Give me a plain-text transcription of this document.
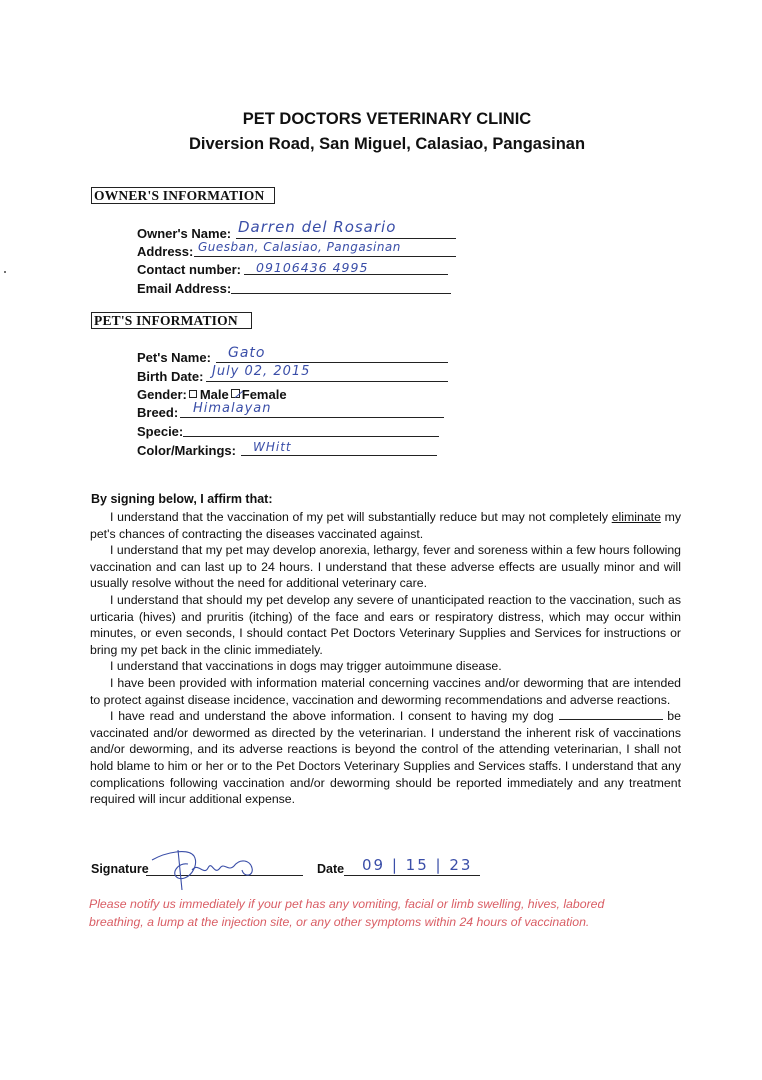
PET DOCTORS VETERINARY CLINIC
Diversion Road, San Miguel, Calasiao, Pangasinan
OWNER'S INFORMATION
Owner's Name: Darren del Rosario
Address: Guesban, Calasiao, Pangasinan
Contact number: 09106436 4995
Email Address:
PET'S INFORMATION
Pet's Name: Gato
Birth Date: July 02, 2015
Gender: Male Female
Breed: Himalayan
Specie:
Color/Markings: WHitt
By signing below, I affirm that:

I understand that the vaccination of my pet will substantially reduce but may not completely eliminate my pet's chances of contracting the diseases vaccinated against.

I understand that my pet may develop anorexia, lethargy, fever and soreness within a few hours following vaccination and can last up to 24 hours. I understand that these adverse effects are usually minor and will usually resolve without the need for additional veterinary care.

I understand that should my pet develop any severe of unanticipated reaction to the vaccination, such as urticaria (hives) and pruritis (itching) of the face and ears or respiratory distress, which may occur within minutes, or even seconds, I should contact Pet Doctors Veterinary Supplies and Services for instructions or bring my pet back in the clinic immediately.

I understand that vaccinations in dogs may trigger autoimmune disease.

I have been provided with information material concerning vaccines and/or deworming that are intended to protect against disease incidence, vaccination and deworming recommendations and adverse reactions.

I have read and understand the above information. I consent to having my dog	be vaccinated and/or dewormed as directed by the veterinarian. I understand the inherent risk of vaccinations and/or deworming, and its adverse reactions is beyond the control of the attending veterinarian, I shall not hold blame to him or her or to the Pet Doctors Veterinary Supplies and Services staffs. I understand that any complications following vaccination and/or deworming should be reported immediately and any treatment required will incur additional expense.

Signature	Date 09 | 15 | 23
Please notify us immediately if your pet has any vomiting, facial or limb swelling, hives, labored breathing, a lump at the injection site, or any other symptoms within 24 hours of vaccination.
